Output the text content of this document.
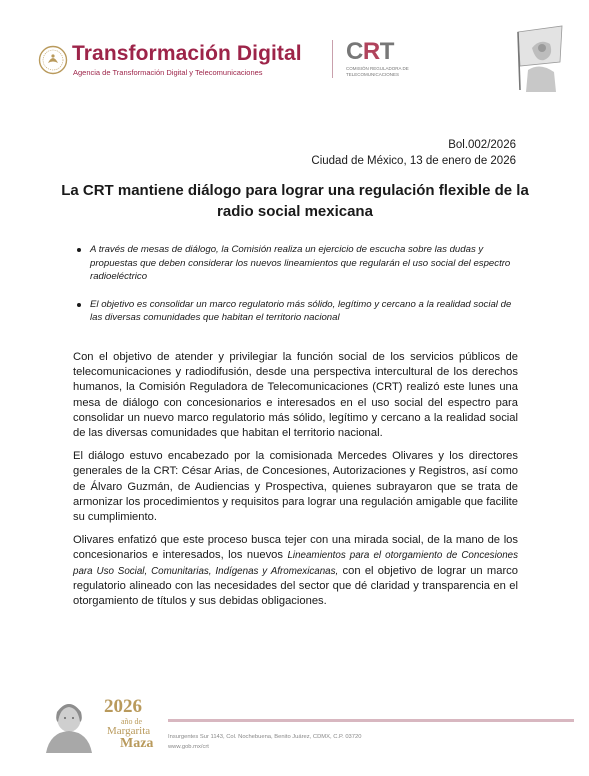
Transformación Digital
Agencia de Transformación Digital y Telecomunicaciones
CRT
COMISIÓN REGULADORA DE TELECOMUNICACIONES
Bol.002/2026
Ciudad de México, 13 de enero de 2026
La CRT mantiene diálogo para lograr una regulación flexible de la radio social mexicana
A través de mesas de diálogo, la Comisión realiza un ejercicio de escucha sobre las dudas y propuestas que deben considerar los nuevos lineamientos que regularán el uso social del espectro radioeléctrico
El objetivo es consolidar un marco regulatorio más sólido, legítimo y cercano a la realidad social de las diversas comunidades que habitan el territorio nacional

Con el objetivo de atender y privilegiar la función social de los servicios públicos de telecomunicaciones y radiodifusión, desde una perspectiva intercultural de los derechos humanos, la Comisión Reguladora de Telecomunicaciones (CRT) realizó este lunes una mesa de diálogo con concesionarios e interesados en el uso social del espectro para consolidar un nuevo marco regulatorio más sólido, legítimo y cercano a la realidad social de las diversas comunidades que habitan el territorio nacional.

El diálogo estuvo encabezado por la comisionada Mercedes Olivares y los directores generales de la CRT: César Arias, de Concesiones, Autorizaciones y Registros, así como de Álvaro Guzmán, de Audiencias y Prospectiva, quienes subrayaron que se trata de armonizar los procedimientos y requisitos para lograr una regulación amigable que facilite su cumplimiento.

Olivares enfatizó que este proceso busca tejer con una mirada social, de la mano de los concesionarios e interesados, los nuevos Lineamientos para el otorgamiento de Concesiones para Uso Social, Comunitarias, Indígenas y Afromexicanas, con el objetivo de lograr un marco regulatorio alineado con las necesidades del sector que dé claridad y transparencia en el otorgamiento de títulos y sus debidas obligaciones.

2026
año de
Margarita
Maza	Insurgentes Sur 1143, Col. Nochebuena, Benito Juárez, CDMX, C.P. 03720
www.gob.mx/crt
